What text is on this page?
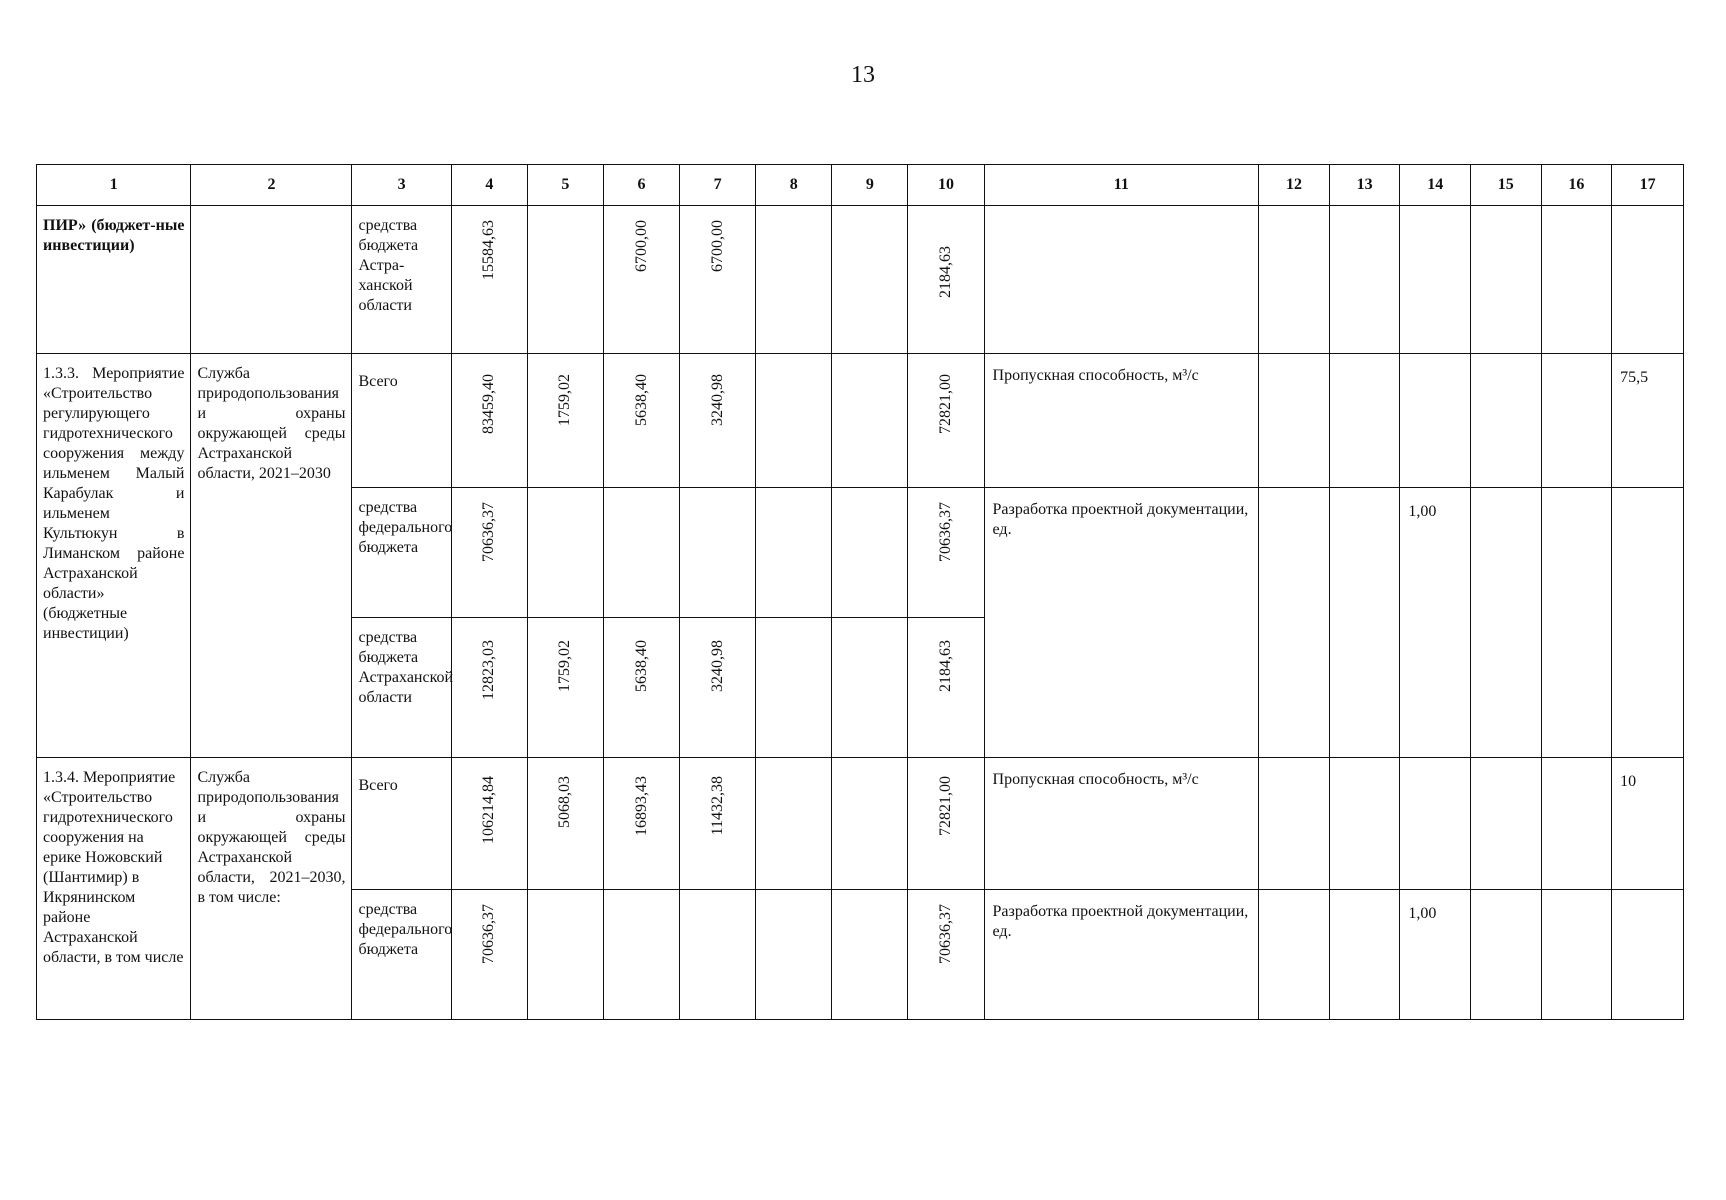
13
1	2	3	4	5	6	7	8	9	10	11	12	13	14	15	16	17

ПИР» (бюджет-ные инвестиции)		средства бюджета Астра-ханской области	15584,63		6700,00	6700,00			2184,63							

1.3.3. Мероприятие «Строительство регулирующего гидротехнического сооружения между ильменем Малый Карабулак и ильменем Культюкун в Лиманском районе Астраханской области» (бюджетные инвестиции)	Служба природопользования и охраны окружающей среды Астраханской области, 2021–2030	Всего	83459,40	1759,02	5638,40	3240,98			72821,00	Пропускная способность, м³/с						75,5

		средства федерального бюджета	70636,37						70636,37	Разработка проектной документации, ед.			1,00			

		средства бюджета Астраханской области	12823,03	1759,02	5638,40	3240,98			2184,63							

1.3.4. Мероприятие «Строительство гидротехнического сооружения на ерике Ножовский (Шантимир) в Икрянинском районе Астраханской области, в том числе	Служба природопользования и охраны окружающей среды Астраханской области, 2021–2030, в том числе:	Всего	106214,84	5068,03	16893,43	11432,38			72821,00	Пропускная способность, м³/с						10

		средства федерального бюджета	70636,37						70636,37	Разработка проектной документации, ед.			1,00			
